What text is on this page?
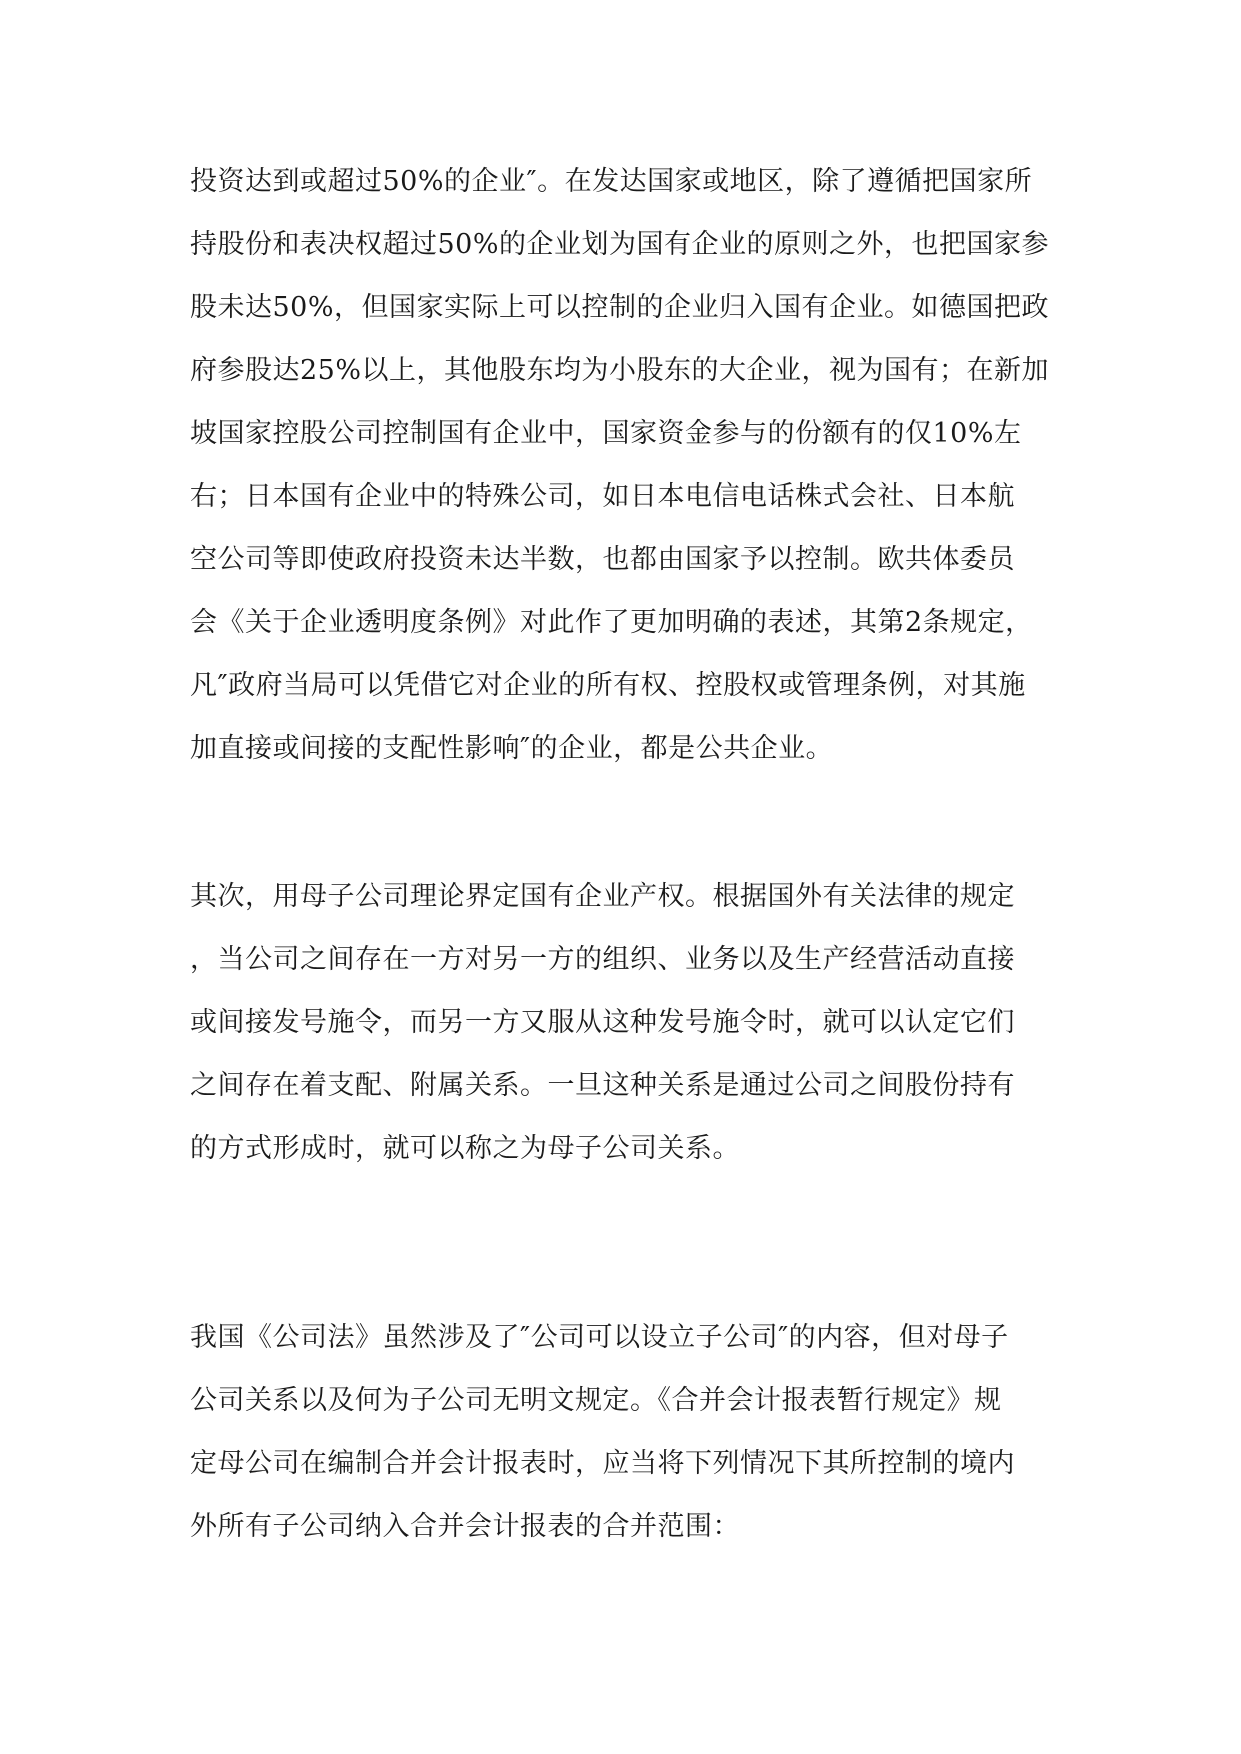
投资达到或超过50%的企业″。在发达国家或地区，除了遵循把国家所
持股份和表决权超过50%的企业划为国有企业的原则之外，也把国家参
股未达50%，但国家实际上可以控制的企业归入国有企业。如德国把政
府参股达25%以上，其他股东均为小股东的大企业，视为国有；在新加
坡国家控股公司控制国有企业中，国家资金参与的份额有的仅10%左
右；日本国有企业中的特殊公司，如日本电信电话株式会社、日本航
空公司等即使政府投资未达半数，也都由国家予以控制。欧共体委员
会《关于企业透明度条例》对此作了更加明确的表述，其第2条规定，
凡″政府当局可以凭借它对企业的所有权、控股权或管理条例，对其施
加直接或间接的支配性影响″的企业，都是公共企业。
其次，用母子公司理论界定国有企业产权。根据国外有关法律的规定
，当公司之间存在一方对另一方的组织、业务以及生产经营活动直接
或间接发号施令，而另一方又服从这种发号施令时，就可以认定它们
之间存在着支配、附属关系。一旦这种关系是通过公司之间股份持有
的方式形成时，就可以称之为母子公司关系。
我国《公司法》虽然涉及了″公司可以设立子公司″的内容，但对母子
公司关系以及何为子公司无明文规定。《合并会计报表暂行规定》规
定母公司在编制合并会计报表时，应当将下列情况下其所控制的境内
外所有子公司纳入合并会计报表的合并范围：
